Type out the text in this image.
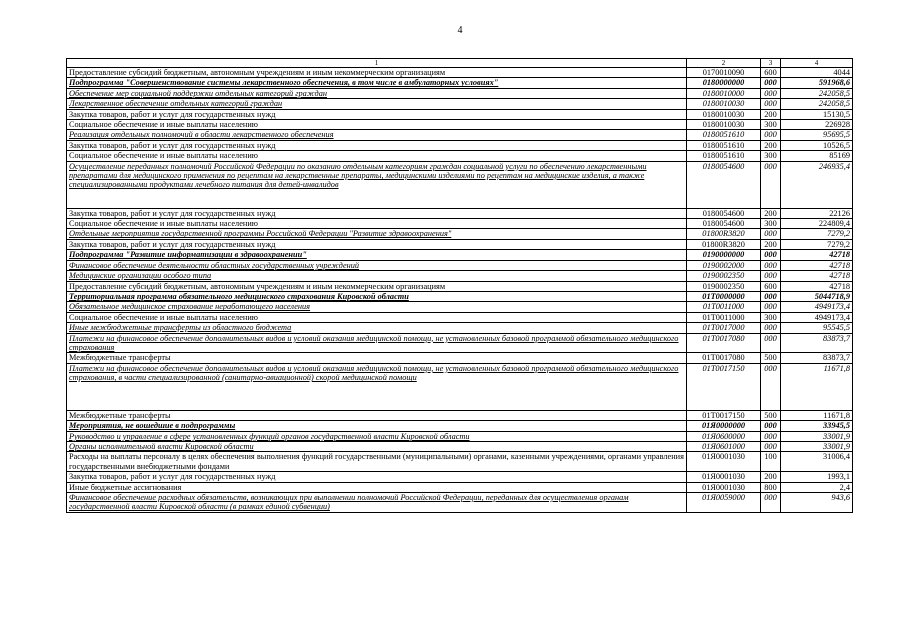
4
1	2	3	4
Предоставление субсидий бюджетным, автономным учреждениям и иным некоммерческим организациям	0170010090	600	4044
Подпрограмма "Совершенствование системы лекарственного обеспечения, в том числе в амбулаторных условиях"	0180000000	000	591968,6
Обеспечение мер социальной поддержки отдельных категорий граждан	0180010000	000	242058,5
Лекарственное обеспечение отдельных категорий граждан	0180010030	000	242058,5
Закупка товаров, работ и услуг для государственных нужд	0180010030	200	15130,5
Социальное обеспечение и иные выплаты населению	0180010030	300	226928
Реализация отдельных полномочий в области лекарственного обеспечения	0180051610	000	95695,5
Закупка товаров, работ и услуг для государственных нужд	0180051610	200	10526,5
Социальное обеспечение и иные выплаты населению	0180051610	300	85169
Осуществление переданных полномочий Российской Федерации по оказанию отдельным категориям граждан социальной услуги по обеспечению лекарственными препаратами для медицинского применения по рецептам на лекарственные препараты, медицинскими изделиями по рецептам на медицинские изделия, а также специализированными продуктами лечебного питания для детей-инвалидов	0180054600	000	246935,4
Закупка товаров, работ и услуг для государственных нужд	0180054600	200	22126
Социальное обеспечение и иные выплаты населению	0180054600	300	224809,4
Отдельные мероприятия государственной программы Российской Федерации "Развитие здравоохранения"	01800R3820	000	7279,2
Закупка товаров, работ и услуг для государственных нужд	01800R3820	200	7279,2
Подпрограмма "Развитие информатизации в здравоохранении"	0190000000	000	42718
Финансовое обеспечение деятельности областных государственных учреждений	0190002000	000	42718
Медицинские организации особого типа	0190002350	000	42718
Предоставление субсидий бюджетным, автономным учреждениям и иным некоммерческим организациям	0190002350	600	42718
Территориальная программа обязательного медицинского страхования Кировской области	01Т0000000	000	5044718,9
Обязательное медицинское страхование неработающего населения	01Т0011000	000	4949173,4
Социальное обеспечение и иные выплаты населению	01Т0011000	300	4949173,4
Иные межбюджетные трансферты из областного бюджета	01Т0017000	000	95545,5
Платежи на финансовое обеспечение дополнительных видов и условий оказания медицинской помощи, не установленных базовой программой обязательного медицинского страхования	01Т0017080	000	83873,7
Межбюджетные трансферты	01Т0017080	500	83873,7
Платежи на финансовое обеспечение дополнительных видов и условий оказания медицинской помощи, не установленных базовой программой обязательного медицинского страхования, в части специализированной (санитарно-авиационной) скорой медицинской помощи	01Т0017150	000	11671,8
Межбюджетные трансферты	01Т0017150	500	11671,8
Мероприятия, не вошедшие в подпрограммы	01Я0000000	000	33945,5
Руководство и управление в сфере установленных функций органов государственной власти Кировской области	01Я0600000	000	33001,9
Органы исполнительной власти Кировской области	01Я0601000	000	33001,9
Расходы на выплаты персоналу в целях обеспечения выполнения функций государственными (муниципальными) органами, казенными учреждениями, органами управления государственными внебюджетными фондами	01Я0001030	100	31006,4
Закупка товаров, работ и услуг для государственных нужд	01Я0001030	200	1993,1
Иные бюджетные ассигнования	01Я0001030	800	2,4
Финансовое обеспечение расходных обязательств, возникающих при выполнении полномочий Российской Федерации, переданных для осуществления органам государственной власти Кировской области (в рамках единой субвенции)	01Я0059000	000	943,6
